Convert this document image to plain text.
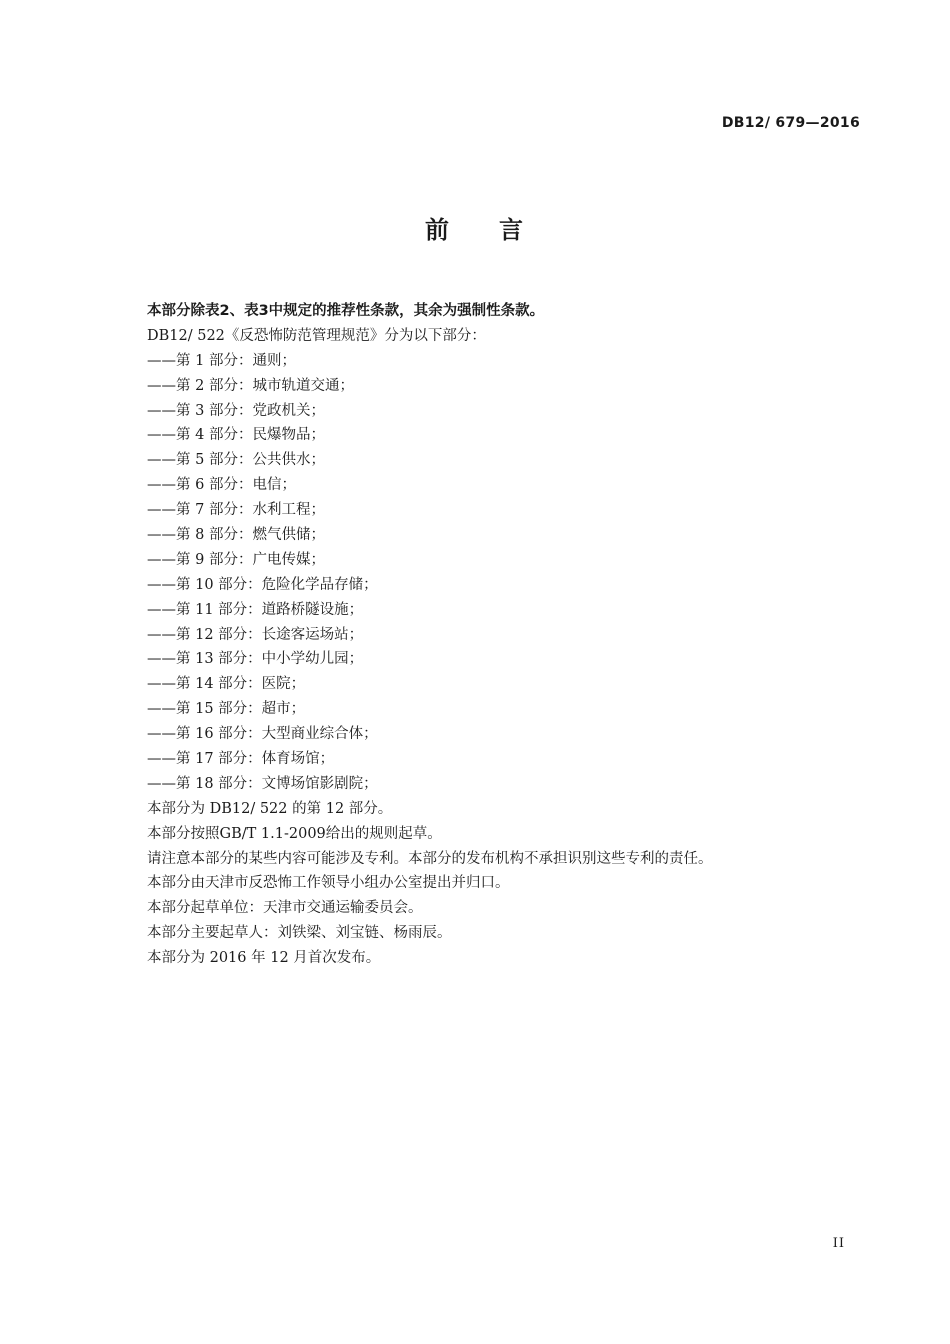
DB12/ 679—2016
前 言
本部分除表2、表3中规定的推荐性条款，其余为强制性条款。
DB12/ 522《反恐怖防范管理规范》分为以下部分：
——第 1 部分：通则；
——第 2 部分：城市轨道交通；
——第 3 部分：党政机关；
——第 4 部分：民爆物品；
——第 5 部分：公共供水；
——第 6 部分：电信；
——第 7 部分：水利工程；
——第 8 部分：燃气供储；
——第 9 部分：广电传媒；
——第 10 部分：危险化学品存储；
——第 11 部分：道路桥隧设施；
——第 12 部分：长途客运场站；
——第 13 部分：中小学幼儿园；
——第 14 部分：医院；
——第 15 部分：超市；
——第 16 部分：大型商业综合体；
——第 17 部分：体育场馆；
——第 18 部分：文博场馆影剧院；
本部分为 DB12/ 522 的第 12 部分。
本部分按照GB/T 1.1-2009给出的规则起草。
请注意本部分的某些内容可能涉及专利。本部分的发布机构不承担识别这些专利的责任。
本部分由天津市反恐怖工作领导小组办公室提出并归口。
本部分起草单位：天津市交通运输委员会。
本部分主要起草人：刘铁梁、刘宝链、杨雨辰。
本部分为 2016 年 12 月首次发布。
II
